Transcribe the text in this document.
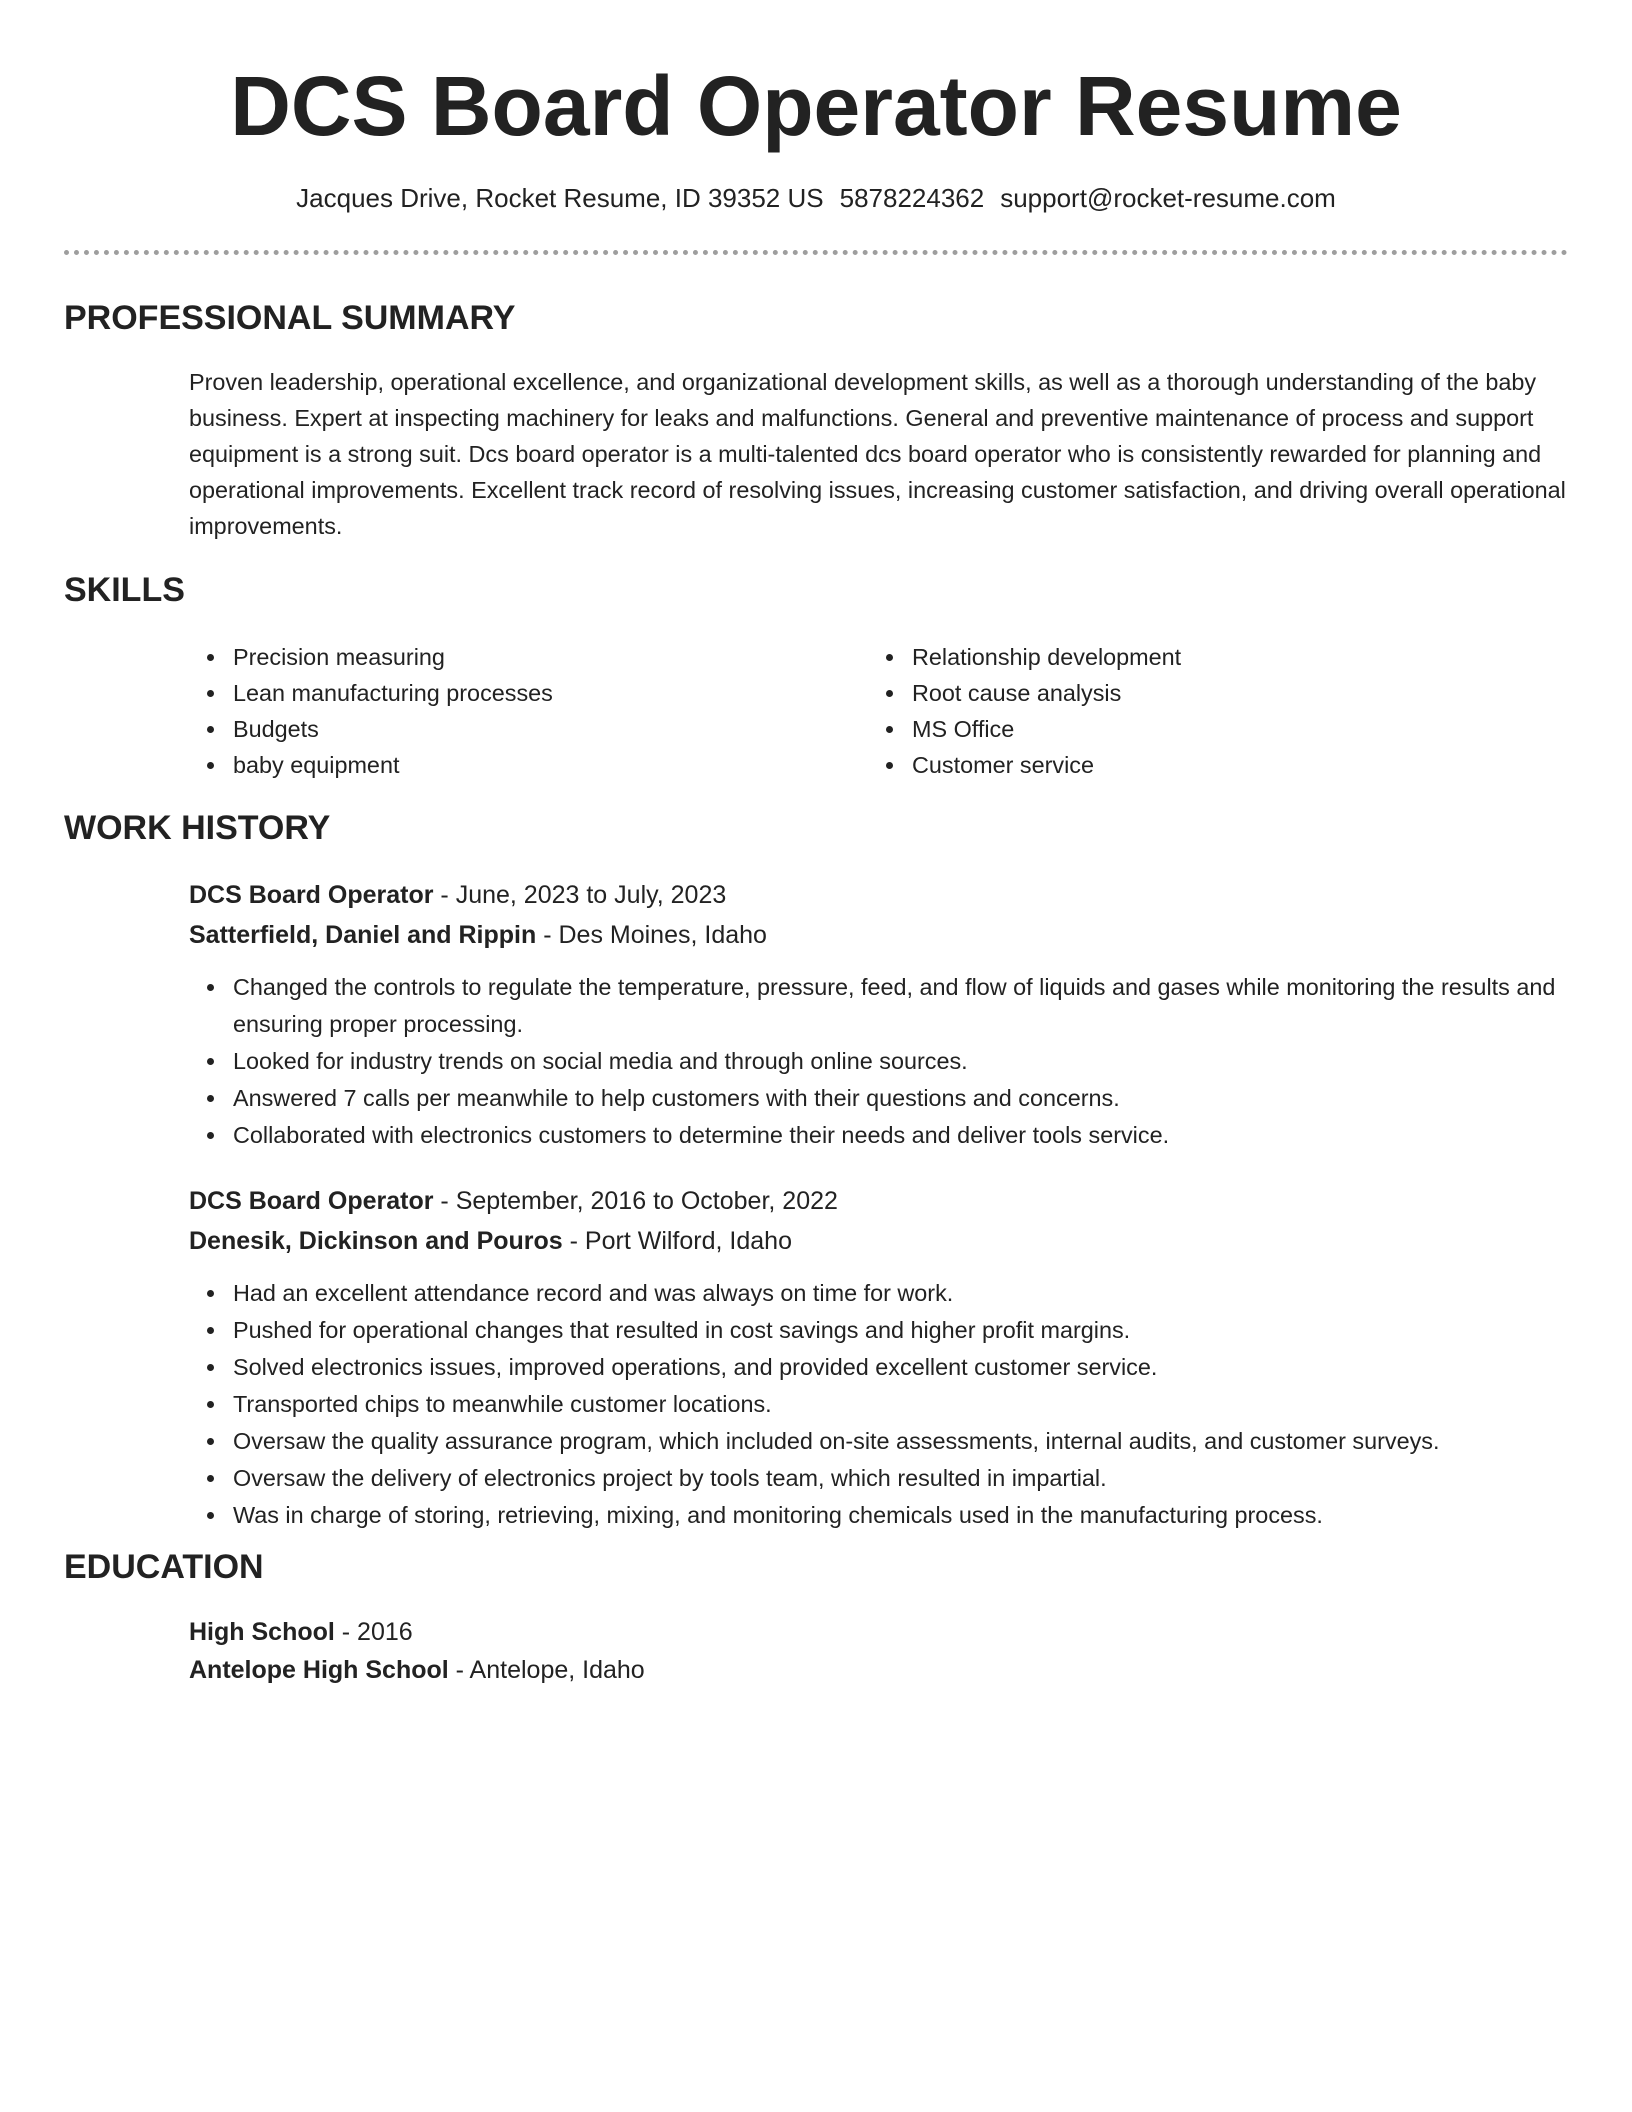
DCS Board Operator Resume
Jacques Drive, Rocket Resume, ID 39352 US 5878224362 support@rocket-resume.com
PROFESSIONAL SUMMARY

Proven leadership, operational excellence, and organizational development skills, as well as a thorough understanding of the baby business. Expert at inspecting machinery for leaks and malfunctions. General and preventive maintenance of process and support equipment is a strong suit. Dcs board operator is a multi-talented dcs board operator who is consistently rewarded for planning and operational improvements. Excellent track record of resolving issues, increasing customer satisfaction, and driving overall operational improvements.

SKILLS
Precision measuring
Lean manufacturing processes
Budgets
baby equipment
Relationship development
Root cause analysis
MS Office
Customer service
WORK HISTORY
DCS Board Operator - June, 2023 to July, 2023
Satterfield, Daniel and Rippin - Des Moines, Idaho
Changed the controls to regulate the temperature, pressure, feed, and flow of liquids and gases while monitoring the results and ensuring proper processing.
Looked for industry trends on social media and through online sources.
Answered 7 calls per meanwhile to help customers with their questions and concerns.
Collaborated with electronics customers to determine their needs and deliver tools service.
DCS Board Operator - September, 2016 to October, 2022
Denesik, Dickinson and Pouros - Port Wilford, Idaho
Had an excellent attendance record and was always on time for work.
Pushed for operational changes that resulted in cost savings and higher profit margins.
Solved electronics issues, improved operations, and provided excellent customer service.
Transported chips to meanwhile customer locations.
Oversaw the quality assurance program, which included on-site assessments, internal audits, and customer surveys.
Oversaw the delivery of electronics project by tools team, which resulted in impartial.
Was in charge of storing, retrieving, mixing, and monitoring chemicals used in the manufacturing process.
EDUCATION
High School - 2016
Antelope High School - Antelope, Idaho
